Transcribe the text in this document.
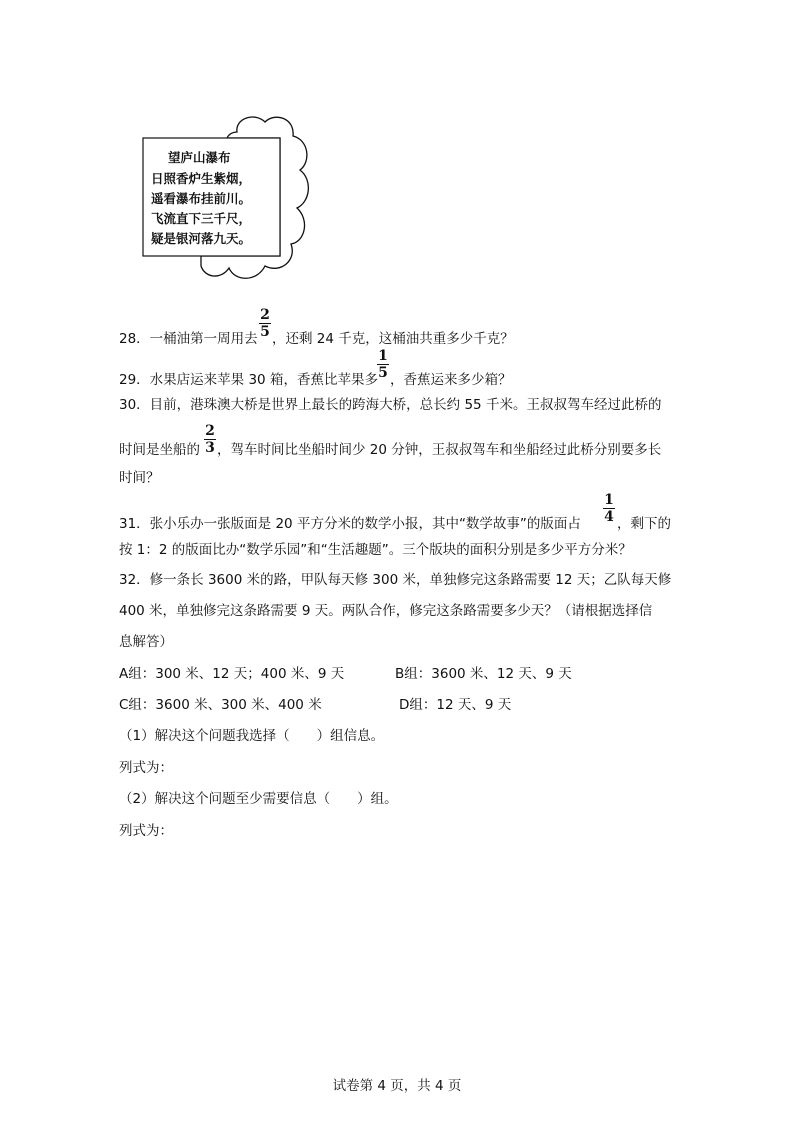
望庐山瀑布
日照香炉生紫烟，
遥看瀑布挂前川。
飞流直下三千尺，
疑是银河落九天。
28．一桶油第一周用去
2
5 ，还剩 24 千克，这桶油共重多少千克？
29．水果店运来苹果 30 箱，香蕉比苹果多
1
5 ，香蕉运来多少箱？
30．目前，港珠澳大桥是世界上最长的跨海大桥，总长约 55 千米。王叔叔驾车经过此桥的
时间是坐船的
2
3 ，驾车时间比坐船时间少 20 分钟，王叔叔驾车和坐船经过此桥分别要多长
时间？
31．张小乐办一张版面是 20 平方分米的数学小报，其中“数学故事”的版面占
1
4 ，剩下的
按 1：2 的版面比办“数学乐园”和“生活趣题”。三个版块的面积分别是多少平方分米？
32．修一条长 3600 米的路，甲队每天修 300 米，单独修完这条路需要 12 天；乙队每天修
400 米，单独修完这条路需要 9 天。两队合作，修完这条路需要多少天？（请根据选择信
息解答）
A组：300 米、12 天；400 米、9 天	B组：3600 米、12 天、9 天
C组：3600 米、300 米、400 米	D组：12 天、9 天
（1）解决这个问题我选择（　　）组信息。
列式为：
（2）解决这个问题至少需要信息（　　）组。
列式为：
试卷第 4 页，共 4 页
